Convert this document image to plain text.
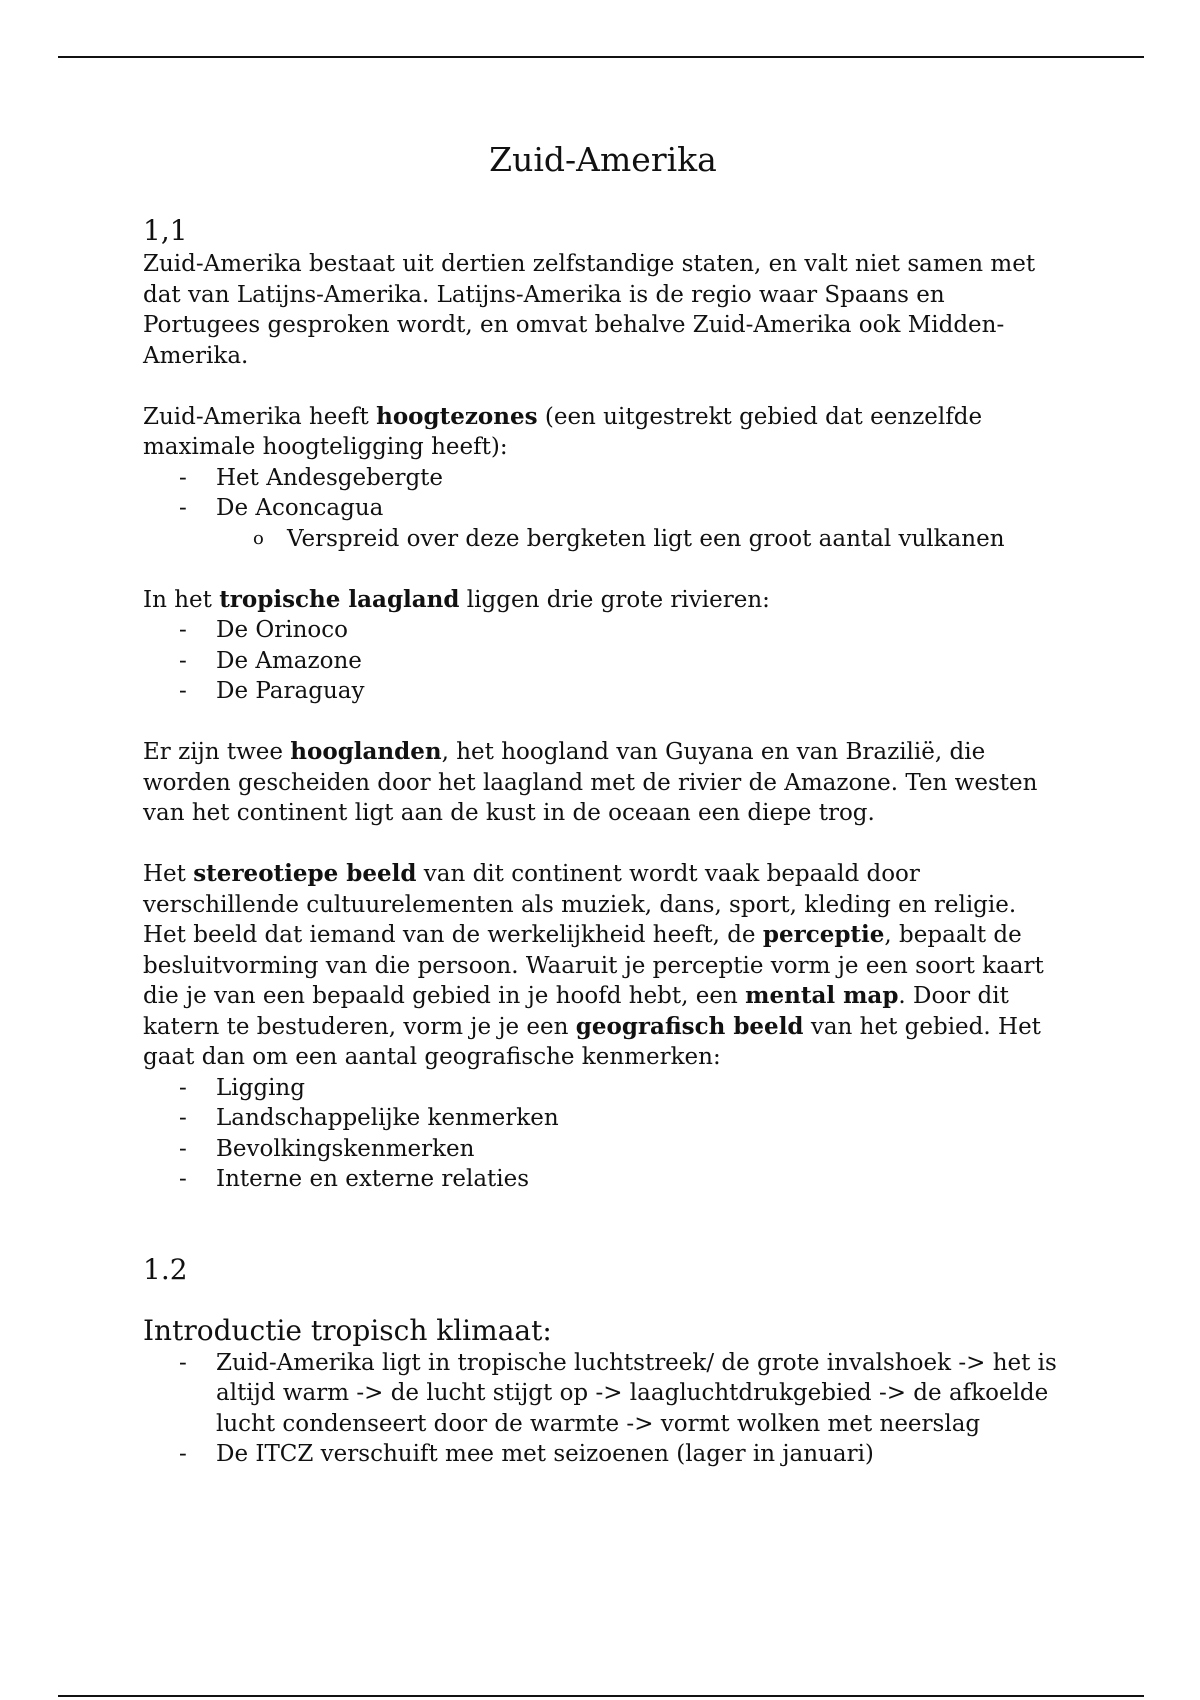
Zuid-Amerika
1,1

Zuid-Amerika bestaat uit dertien zelfstandige staten, en valt niet samen met dat van Latijns-Amerika. Latijns-Amerika is de regio waar Spaans en Portugees gesproken wordt, en omvat behalve Zuid-Amerika ook Midden-Amerika.

Zuid-Amerika heeft hoogtezones (een uitgestrekt gebied dat eenzelfde maximale hoogteligging heeft):

- Het Andesgebergte
- De Aconcagua
o Verspreid over deze bergketen ligt een groot aantal vulkanen

In het tropische laagland liggen drie grote rivieren:

- De Orinoco
- De Amazone
- De Paraguay

Er zijn twee hooglanden, het hoogland van Guyana en van Brazilië, die worden gescheiden door het laagland met de rivier de Amazone. Ten westen van het continent ligt aan de kust in de oceaan een diepe trog.

Het stereotiepe beeld van dit continent wordt vaak bepaald door verschillende cultuurelementen als muziek, dans, sport, kleding en religie. Het beeld dat iemand van de werkelijkheid heeft, de perceptie, bepaalt de besluitvorming van die persoon. Waaruit je perceptie vorm je een soort kaart die je van een bepaald gebied in je hoofd hebt, een mental map. Door dit katern te bestuderen, vorm je je een geografisch beeld van het gebied. Het gaat dan om een aantal geografische kenmerken:

- Ligging
- Landschappelijke kenmerken
- Bevolkingskenmerken
- Interne en externe relaties
1.2
Introductie tropisch klimaat:
- Zuid-Amerika ligt in tropische luchtstreek/ de grote invalshoek -> het is altijd warm -> de lucht stijgt op -> laagluchtdrukgebied -> de afkoelde lucht condenseert door de warmte -> vormt wolken met neerslag
- De ITCZ verschuift mee met seizoenen (lager in januari)
